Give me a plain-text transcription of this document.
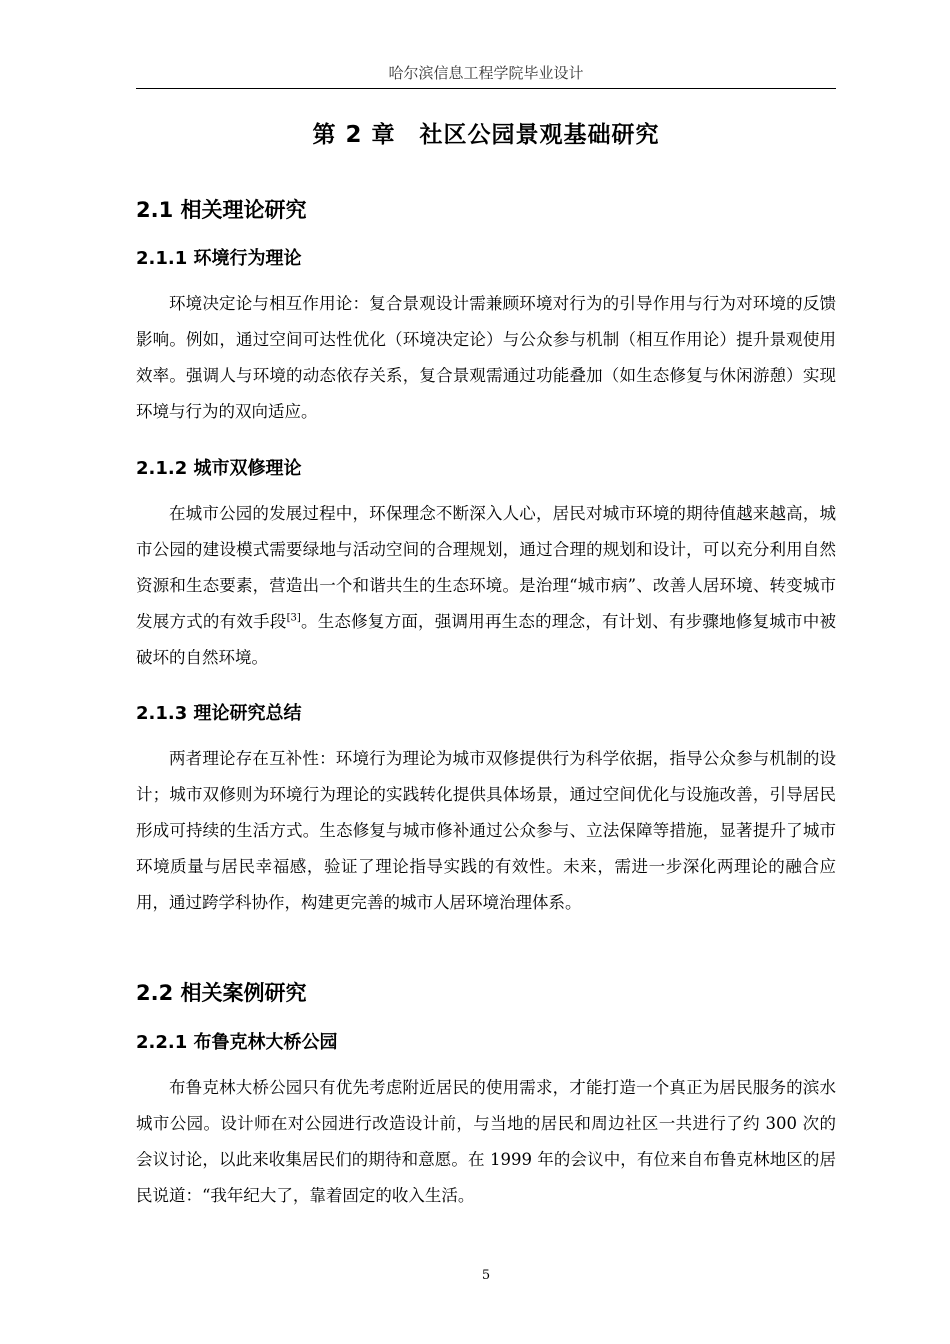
哈尔滨信息工程学院毕业设计
第 2 章　社区公园景观基础研究
2.1 相关理论研究
2.1.1 环境行为理论

环境决定论与相互作用论：复合景观设计需兼顾环境对行为的引导作用与行为对环境的反馈影响。例如，通过空间可达性优化（环境决定论）与公众参与机制（相互作用论）提升景观使用效率。强调人与环境的动态依存关系，复合景观需通过功能叠加（如生态修复与休闲游憩）实现环境与行为的双向适应。

2.1.2 城市双修理论

在城市公园的发展过程中，环保理念不断深入人心，居民对城市环境的期待值越来越高，城市公园的建设模式需要绿地与活动空间的合理规划，通过合理的规划和设计，可以充分利用自然资源和生态要素，营造出一个和谐共生的生态环境。是治理“城市病”、改善人居环境、转变城市发展方式的有效手段[3]。生态修复方面，强调用再生态的理念，有计划、有步骤地修复城市中被破坏的自然环境。

2.1.3 理论研究总结

两者理论存在互补性：环境行为理论为城市双修提供行为科学依据，指导公众参与机制的设计；城市双修则为环境行为理论的实践转化提供具体场景，通过空间优化与设施改善，引导居民形成可持续的生活方式。生态修复与城市修补通过公众参与、立法保障等措施，显著提升了城市环境质量与居民幸福感，验证了理论指导实践的有效性。未来，需进一步深化两理论的融合应用，通过跨学科协作，构建更完善的城市人居环境治理体系。

2.2 相关案例研究
2.2.1 布鲁克林大桥公园

布鲁克林大桥公园只有优先考虑附近居民的使用需求，才能打造一个真正为居民服务的滨水城市公园。设计师在对公园进行改造设计前，与当地的居民和周边社区一共进行了约 300 次的会议讨论，以此来收集居民们的期待和意愿。在 1999 年的会议中，有位来自布鲁克林地区的居民说道：“我年纪大了，靠着固定的收入生活。

5
